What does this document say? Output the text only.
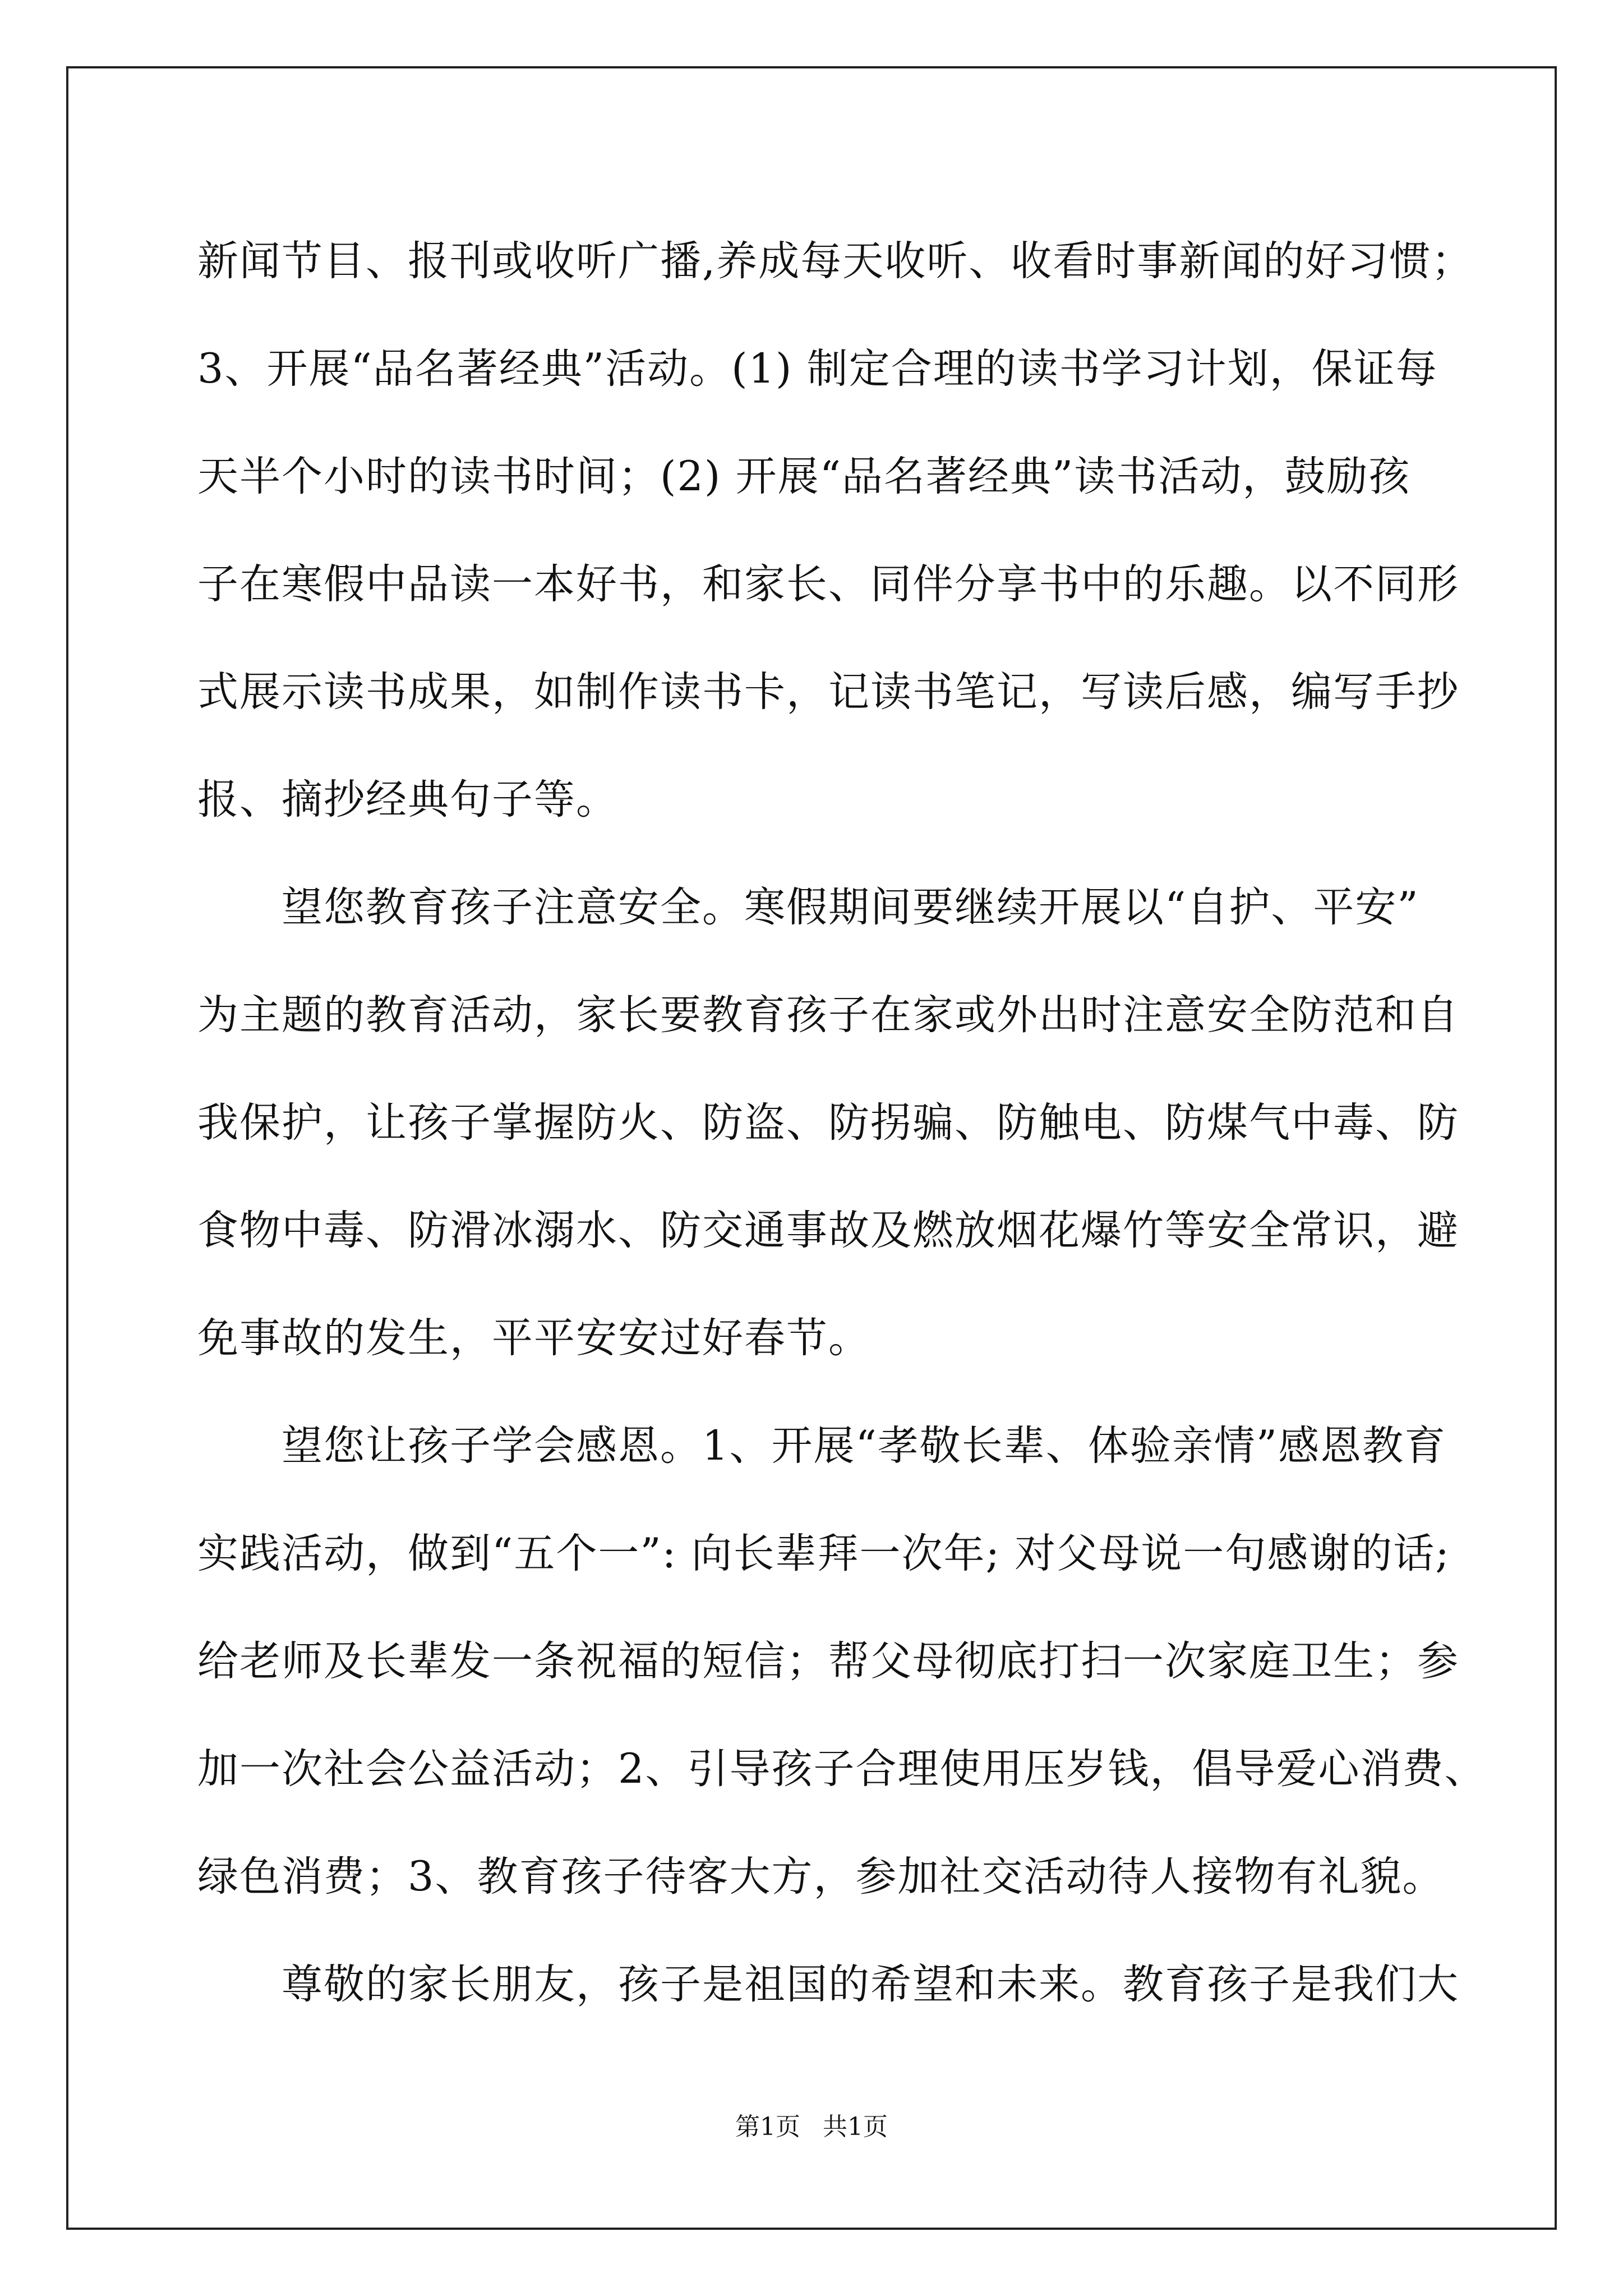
新闻节目、报刊或收听广播,养成每天收听、收看时事新闻的好习惯；
3、开展“品名著经典”活动。(1) 制定合理的读书学习计划，保证每
天半个小时的读书时间；(2) 开展“品名著经典”读书活动，鼓励孩
子在寒假中品读一本好书，和家长、同伴分享书中的乐趣。以不同形
式展示读书成果，如制作读书卡，记读书笔记，写读后感，编写手抄
报、摘抄经典句子等。
望您教育孩子注意安全。寒假期间要继续开展以“自护、平安”
为主题的教育活动，家长要教育孩子在家或外出时注意安全防范和自
我保护，让孩子掌握防火、防盗、防拐骗、防触电、防煤气中毒、防
食物中毒、防滑冰溺水、防交通事故及燃放烟花爆竹等安全常识，避
免事故的发生，平平安安过好春节。
望您让孩子学会感恩。1、开展“孝敬长辈、体验亲情”感恩教育
实践活动，做到“五个一”: 向长辈拜一次年; 对父母说一句感谢的话;
给老师及长辈发一条祝福的短信；帮父母彻底打扫一次家庭卫生；参
加一次社会公益活动；2、引导孩子合理使用压岁钱，倡导爱心消费、
绿色消费；3、教育孩子待客大方，参加社交活动待人接物有礼貌。
尊敬的家长朋友，孩子是祖国的希望和未来。教育孩子是我们大
第1页 共1页
